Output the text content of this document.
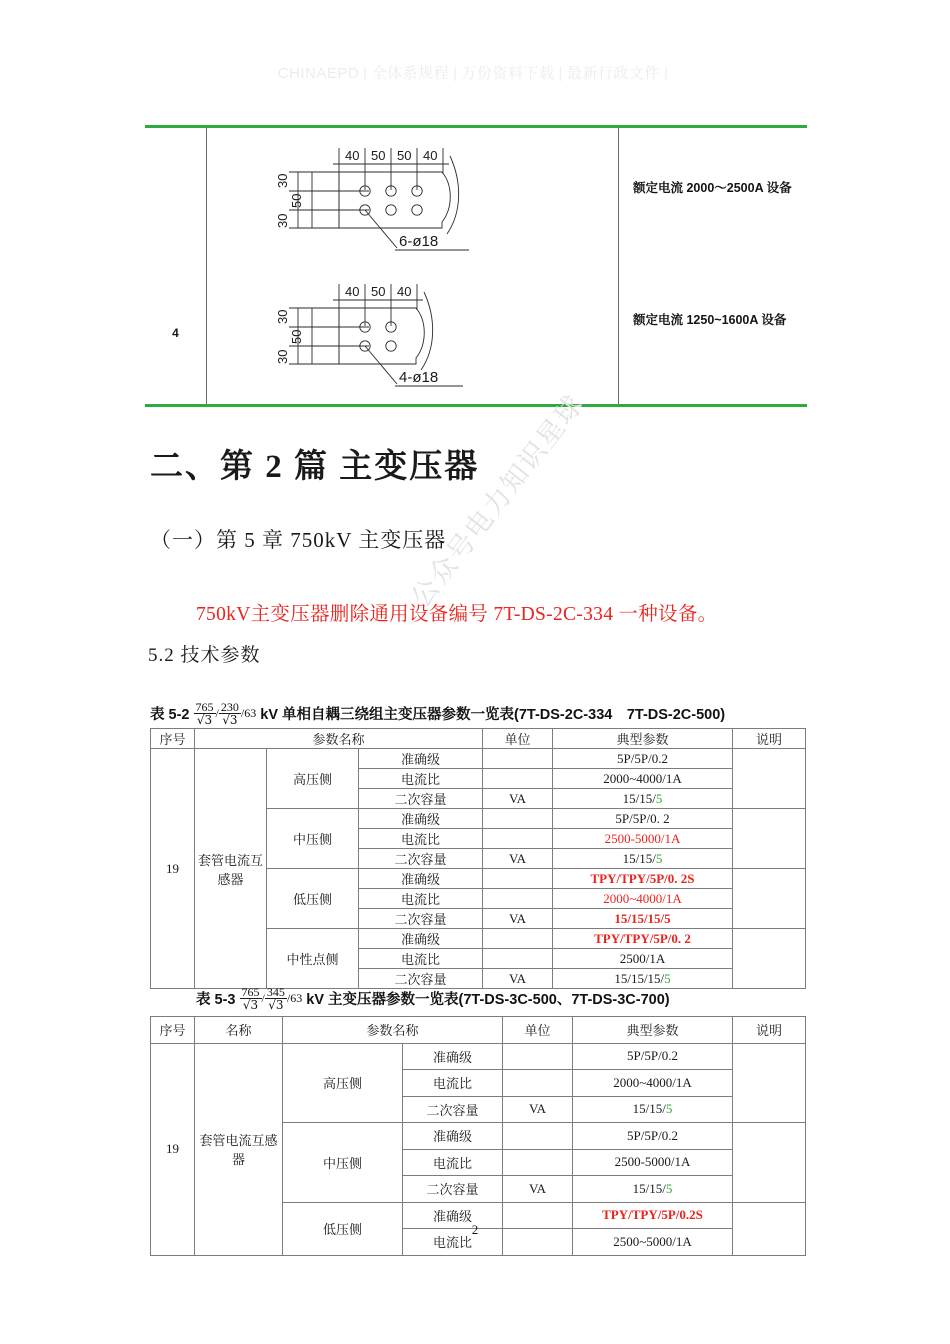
CHINAEPD | 全体系规程 | 万份资料下载 | 最新行政文件 |
4
40 50 50 40
30
50
30
6-ø18
40 50 40
30
50
30
4-ø18
额定电流 2000～2500A 设备
额定电流 1250~1600A 设备
二、第 2 篇 主变压器
（一）第 5 章 750kV 主变压器
750kV主变压器删除通用设备编号 7T-DS-2C-334 一种设备。
5.2 技术参数
公众号电力知识星球
表 $5-2 \frac{765}{√3} / \frac{230}{√3} /63$ kV 单相自耦三绕组主变压器参数一览表(7T-DS-2C-334　7T-DS-2C-500)
序号	参数名称			单位	典型参数	说明
19	套管电流互感器	高压侧	准确级		5P/5P/0.2	
			电流比		2000~4000/1A	
			二次容量	VA	15/15/5	
		中压侧	准确级		5P/5P/0. 2	
			电流比		2500-5000/1A	
			二次容量	VA	15/15/5	
		低压侧	准确级		TPY/TPY/5P/0. 2S	
			电流比		2000~4000/1A	
			二次容量	VA	15/15/15/5	
		中性点侧	准确级		TPY/TPY/5P/0. 2	
			电流比		2500/1A	
			二次容量	VA	15/15/15/5	
表 $5-3 \frac{765}{√3} / \frac{345}{√3} /63$ kV 主变压器参数一览表(7T-DS-3C-500、7T-DS-3C-700)
序号	名称	参数名称		单位	典型参数	说明
19	套管电流互感器	高压侧	准确级		5P/5P/0.2	
			电流比		2000~4000/1A	
			二次容量	VA	15/15/5	
		中压侧	准确级		5P/5P/0.2	
			电流比		2500-5000/1A	
			二次容量	VA	15/15/5	
		低压侧	准确级		TPY/TPY/5P/0.2S	
			电流比		2500~5000/1A	
2
